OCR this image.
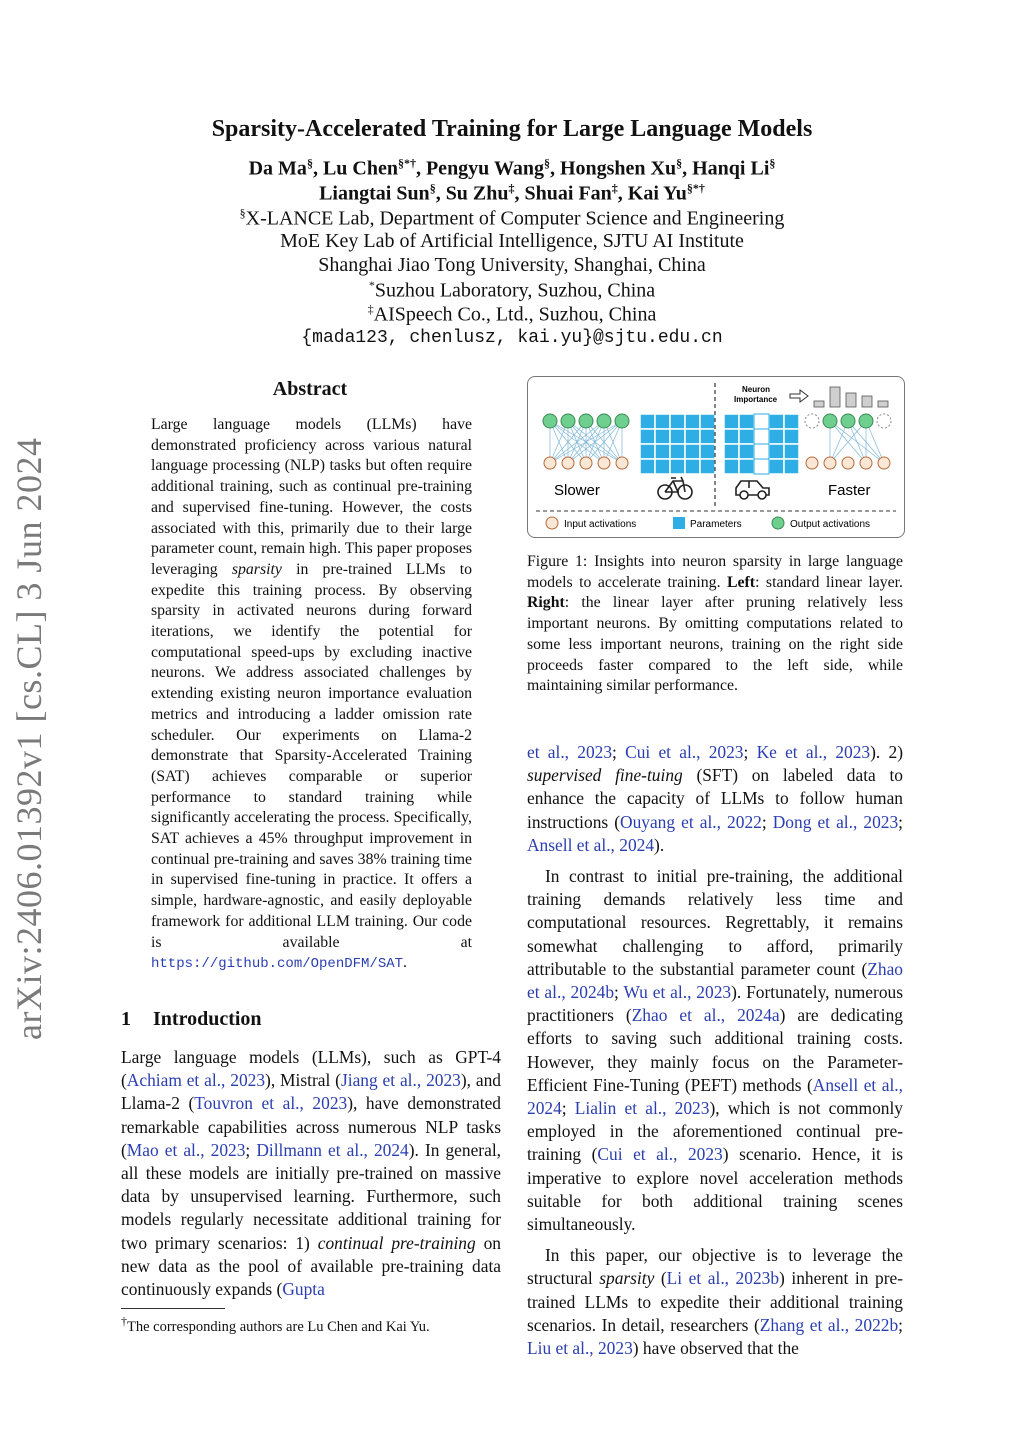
arXiv:2406.01392v1 [cs.CL] 3 Jun 2024
Sparsity-Accelerated Training for Large Language Models
Da Ma§, Lu Chen§*†, Pengyu Wang§, Hongshen Xu§, Hanqi Li§
Liangtai Sun§, Su Zhu‡, Shuai Fan‡, Kai Yu§*†
§X-LANCE Lab, Department of Computer Science and Engineering
MoE Key Lab of Artificial Intelligence, SJTU AI Institute
Shanghai Jiao Tong University, Shanghai, China
*Suzhou Laboratory, Suzhou, China
‡AISpeech Co., Ltd., Suzhou, China
{mada123, chenlusz, kai.yu}@sjtu.edu.cn
Abstract
Large language models (LLMs) have demonstrated proficiency across various natural language processing (NLP) tasks but often require additional training, such as continual pre-training and supervised fine-tuning. However, the costs associated with this, primarily due to their large parameter count, remain high. This paper proposes leveraging sparsity in pre-trained LLMs to expedite this training process. By observing sparsity in activated neurons during forward iterations, we identify the potential for computational speed-ups by excluding inactive neurons. We address associated challenges by extending existing neuron importance evaluation metrics and introducing a ladder omission rate scheduler. Our experiments on Llama-2 demonstrate that Sparsity-Accelerated Training (SAT) achieves comparable or superior performance to standard training while significantly accelerating the process. Specifically, SAT achieves a 45% throughput improvement in continual pre-training and saves 38% training time in supervised fine-tuning in practice. It offers a simple, hardware-agnostic, and easily deployable framework for additional LLM training. Our code is available at https://github.com/OpenDFM/SAT.
1 Introduction

Large language models (LLMs), such as GPT-4 (Achiam et al., 2023), Mistral (Jiang et al., 2023), and Llama-2 (Touvron et al., 2023), have demonstrated remarkable capabilities across numerous NLP tasks (Mao et al., 2023; Dillmann et al., 2024). In general, all these models are initially pre-trained on massive data by unsupervised learning. Furthermore, such models regularly necessitate additional training for two primary scenarios: 1) continual pre-training on new data as the pool of available pre-training data continuously expands (Gupta

†The corresponding authors are Lu Chen and Kai Yu.
Neuron Importance
Slower	Faster
Input activations	Parameters	Output activations
Figure 1: Insights into neuron sparsity in large language models to accelerate training. Left: standard linear layer. Right: the linear layer after pruning relatively less important neurons. By omitting computations related to some less important neurons, training on the right side proceeds faster compared to the left side, while maintaining similar performance.

et al., 2023; Cui et al., 2023; Ke et al., 2023). 2) supervised fine-tuing (SFT) on labeled data to enhance the capacity of LLMs to follow human instructions (Ouyang et al., 2022; Dong et al., 2023; Ansell et al., 2024).

In contrast to initial pre-training, the additional training demands relatively less time and computational resources. Regrettably, it remains somewhat challenging to afford, primarily attributable to the substantial parameter count (Zhao et al., 2024b; Wu et al., 2023). Fortunately, numerous practitioners (Zhao et al., 2024a) are dedicating efforts to saving such additional training costs. However, they mainly focus on the Parameter-Efficient Fine-Tuning (PEFT) methods (Ansell et al., 2024; Lialin et al., 2023), which is not commonly employed in the aforementioned continual pre-training (Cui et al., 2023) scenario. Hence, it is imperative to explore novel acceleration methods suitable for both additional training scenes simultaneously.

In this paper, our objective is to leverage the structural sparsity (Li et al., 2023b) inherent in pre-trained LLMs to expedite their additional training scenarios. In detail, researchers (Zhang et al., 2022b; Liu et al., 2023) have observed that the
